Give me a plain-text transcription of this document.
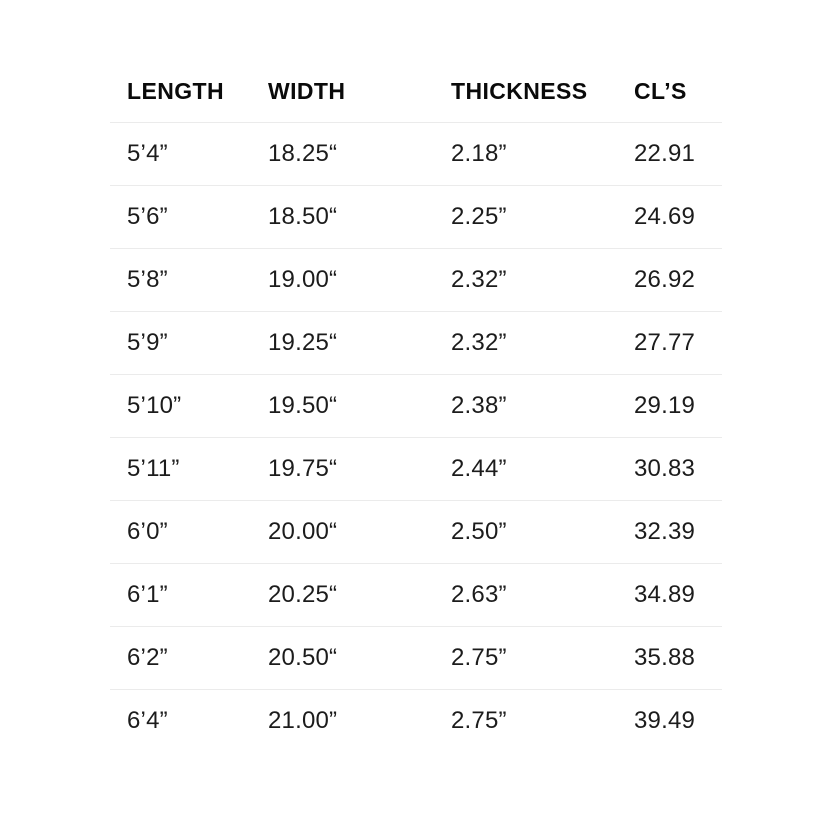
LENGTH	WIDTH	THICKNESS	CL’S
5’4”	18.25“	2.18”	22.91
5’6”	18.50“	2.25”	24.69
5’8”	19.00“	2.32”	26.92
5’9”	19.25“	2.32”	27.77
5’10”	19.50“	2.38”	29.19
5’11”	19.75“	2.44”	30.83
6’0”	20.00“	2.50”	32.39
6’1”	20.25“	2.63”	34.89
6’2”	20.50“	2.75”	35.88
6’4”	21.00”	2.75”	39.49
